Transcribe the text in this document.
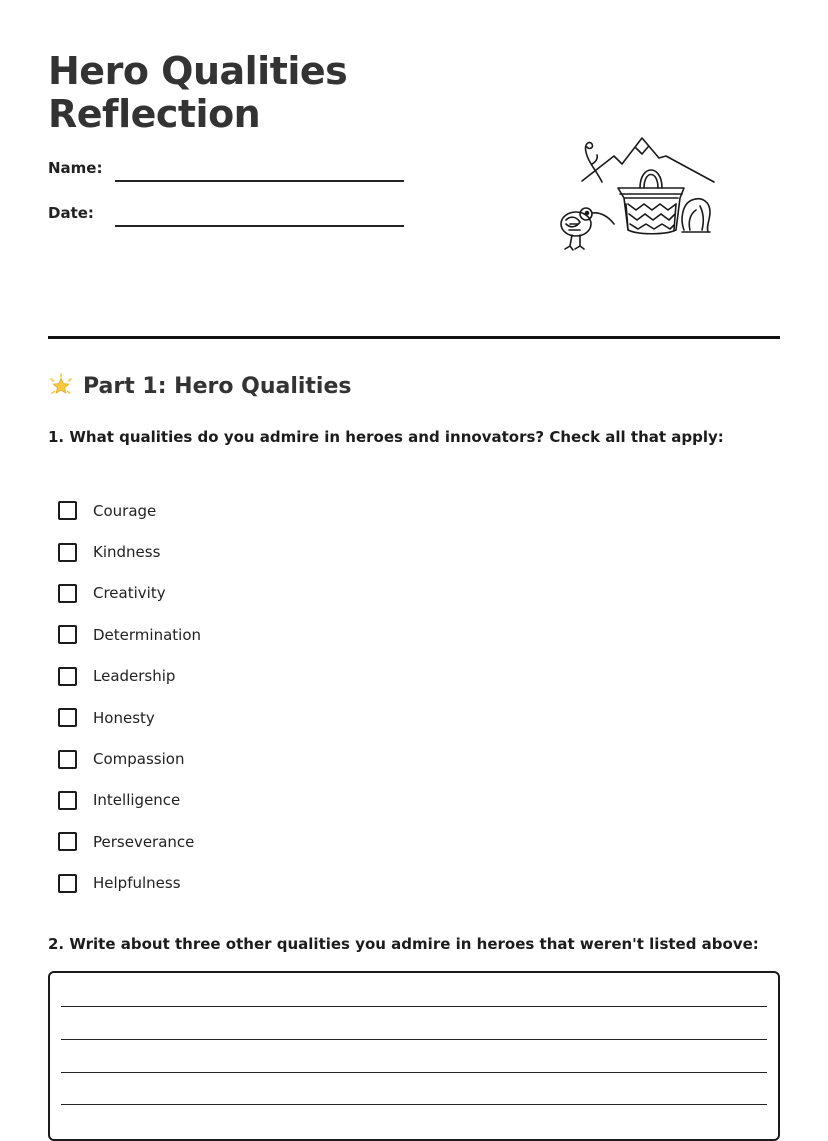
Hero Qualities
Reflection
Name:
Date:
Part 1: Hero Qualities

1. What qualities do you admire in heroes and innovators? Check all that apply:

Courage
Kindness
Creativity
Determination
Leadership
Honesty
Compassion
Intelligence
Perseverance
Helpfulness

2. Write about three other qualities you admire in heroes that weren't listed above:
